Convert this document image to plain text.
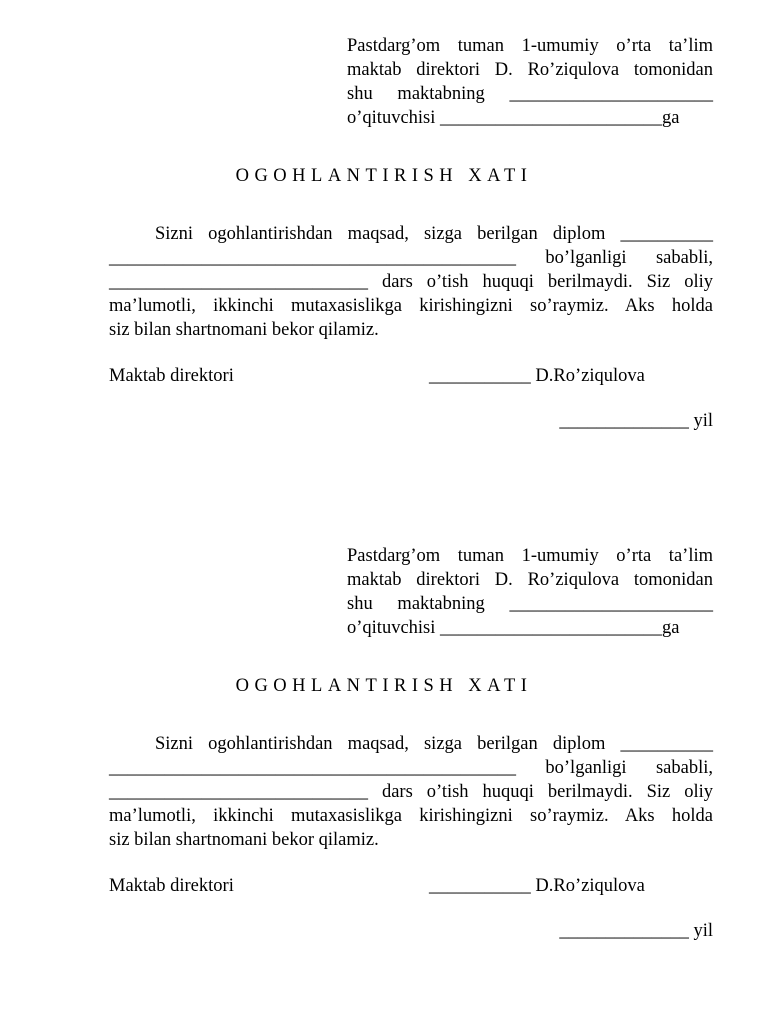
Pastdarg’om tuman 1-umumiy o’rta ta’lim
maktab direktori D. Ro’ziqulova tomonidan
shu maktabning ______________________
o’qituvchisi ________________________ga
OGOHLANTIRISH XATI
Sizni ogohlantirishdan maqsad, sizga berilgan diplom __________
____________________________________________ bo’lganligi sababli,
____________________________ dars o’tish huquqi berilmaydi. Siz oliy
ma’lumotli, ikkinchi mutaxasislikga kirishingizni so’raymiz. Aks holda
siz bilan shartnomani bekor qilamiz.
Maktab direktori	___________ D.Ro’ziqulova
______________ yil
Pastdarg’om tuman 1-umumiy o’rta ta’lim
maktab direktori D. Ro’ziqulova tomonidan
shu maktabning ______________________
o’qituvchisi ________________________ga
OGOHLANTIRISH XATI
Sizni ogohlantirishdan maqsad, sizga berilgan diplom __________
____________________________________________ bo’lganligi sababli,
____________________________ dars o’tish huquqi berilmaydi. Siz oliy
ma’lumotli, ikkinchi mutaxasislikga kirishingizni so’raymiz. Aks holda
siz bilan shartnomani bekor qilamiz.
Maktab direktori	___________ D.Ro’ziqulova
______________ yil
